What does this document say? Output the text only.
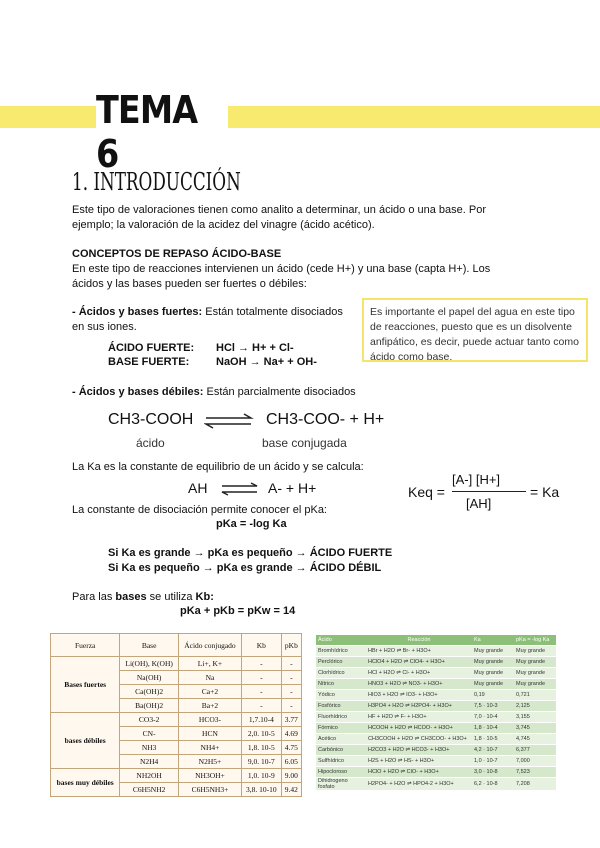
TEMA 6
1. INTRODUCCIÓN
Este tipo de valoraciones tienen como analito a determinar, un ácido o una base. Por ejemplo; la valoración de la acidez del vinagre (ácido acético).
CONCEPTOS DE REPASO ÁCIDO-BASE
En este tipo de reacciones intervienen un ácido (cede H+) y una base (capta H+). Los ácidos y las bases pueden ser fuertes o débiles:
- Ácidos y bases fuertes: Están totalmente disociados en sus iones.
ÁCIDO FUERTE: HCl → H+ + Cl-
BASE FUERTE: NaOH → Na+ + OH-
Es importante el papel del agua en este tipo de reacciones, puesto que es un disolvente anfipático, es decir, puede actuar tanto como ácido como base.
- Ácidos y bases débiles: Están parcialmente disociados
CH3-COOH ⇌ CH3-COO- + H+
ácido	base conjugada
La Ka es la constante de equilibrio de un ácido y se calcula:
AH	A- + H+	Keq =
[A-] [H+]
[AH]
= Ka
La constante de disociación permite conocer el pKa:
pKa = -log Ka
Si Ka es grande → pKa es pequeño → ÁCIDO FUERTE
Si Ka es pequeño → pKa es grande → ÁCIDO DÉBIL
Para las bases se utiliza Kb:
pKa + pKb = pKw = 14
Fuerza	Base	Ácido conjugado	Kb	pKb
Bases fuertes	Li(OH), K(OH)	Li+, K+	-	-
	Na(OH)	Na	-	-
	Ca(OH)2	Ca+2	-	-
	Ba(OH)2	Ba+2	-	-
bases débiles	CO3-2	HCO3-	1,7.10-4	3.77
	CN-	HCN	2,0. 10-5	4.69
	NH3	NH4+	1,8. 10-5	4.75
	N2H4	N2H5+	9,0. 10-7	6.05
bases muy débiles	NH2OH	NH3OH+	1,0. 10-9	9.00
	C6H5NH2	C6H5NH3+	3,8. 10-10	9.42
Ácido	Reacción	Ka	pKa = -log Ka
Bromhídrico	HBr + H2O ⇌ Br- + H3O+	Muy grande	Muy grande
Perclórico	HClO4 + H2O ⇌ ClO4- + H3O+	Muy grande	Muy grande
Clorhídrico	HCl + H2O ⇌ Cl- + H3O+	Muy grande	Muy grande
Nítrico	HNO3 + H2O ⇌ NO3- + H3O+	Muy grande	Muy grande
Yódico	HIO3 + H2O ⇌ IO3- + H3O+	0,19	0,721
Fosfórico	H3PO4 + H2O ⇌ H2PO4- + H3O+	7,5 · 10-3	2,125
Fluorhídrico	HF + H2O ⇌ F- + H3O+	7,0 · 10-4	3,155
Fórmico	HCOOH + H2O ⇌ HCOO- + H3O+	1,8 · 10-4	3,745
Acético	CH3COOH + H2O ⇌ CH3COO- + H3O+	1,8 · 10-5	4,745
Carbónico	H2CO3 + H2O ⇌ HCO3- + H3O+	4,2 · 10-7	6,377
Sulfhídrico	H2S + H2O ⇌ HS- + H3O+	1,0 · 10-7	7,000
Hipocloroso	HClO + H2O ⇌ ClO- + H3O+	3,0 · 10-8	7,523
Dihidrogeno fosfato	H2PO4- + H2O ⇌ HPO4-2 + H3O+	6,2 · 10-8	7,208
